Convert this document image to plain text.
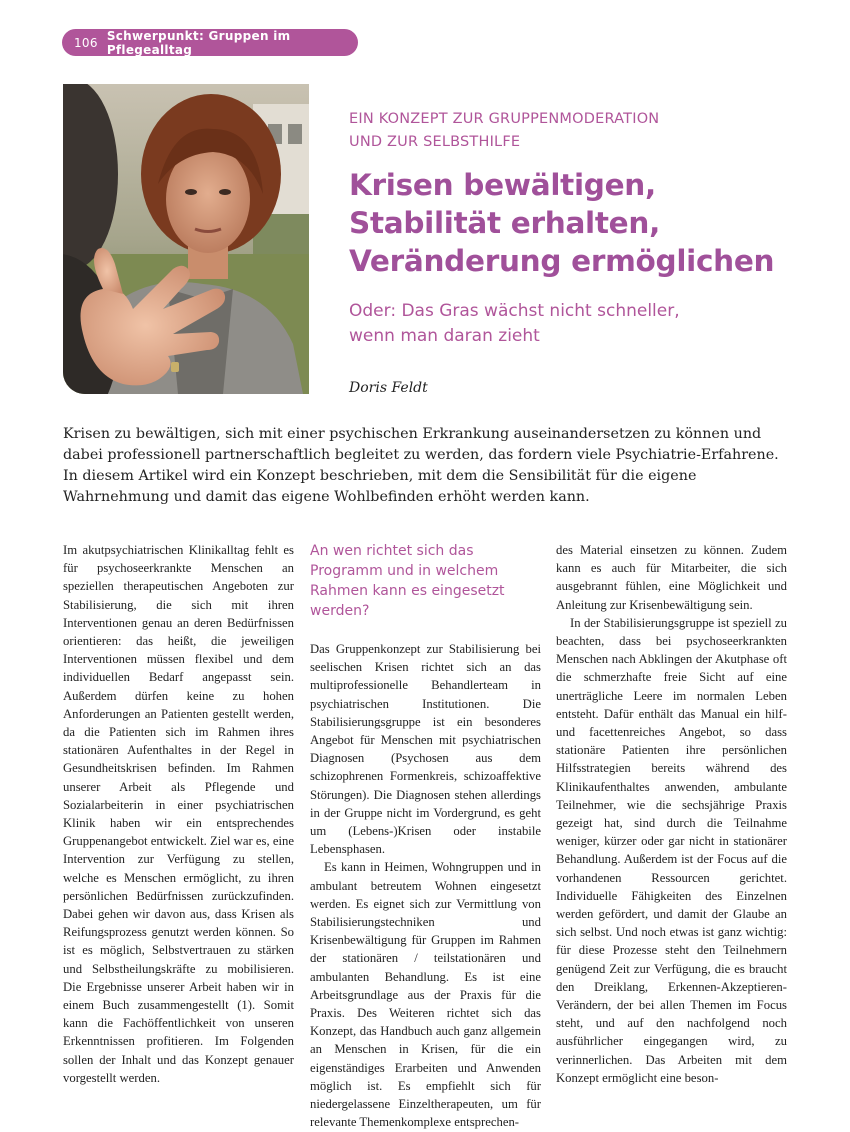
106 Schwerpunkt: Gruppen im Pflegealltag
EIN KONZEPT ZUR GRUPPENMODERATION
UND ZUR SELBSTHILFE
Krisen bewältigen,
Stabilität erhalten,
Veränderung ermöglichen
Oder: Das Gras wächst nicht schneller,
wenn man daran zieht
Doris Feldt
Krisen zu bewältigen, sich mit einer psychischen Erkrankung auseinandersetzen zu können und dabei professionell partnerschaftlich begleitet zu werden, das fordern viele Psychiatrie-Erfahrene. In diesem Artikel wird ein Konzept beschrieben, mit dem die Sensibilität für die eigene Wahrnehmung und damit das eigene Wohlbefinden erhöht werden kann.

Im akutpsychiatrischen Klinikalltag fehlt es für psychoseerkrankte Menschen an speziellen therapeutischen Angeboten zur Stabilisierung, die sich mit ihren Interventionen genau an deren Bedürfnissen orientieren: das heißt, die jeweiligen Interventionen müssen flexibel und dem individuellen Bedarf angepasst sein. Außerdem dürfen keine zu hohen Anforderungen an Patienten gestellt werden, da die Patienten sich im Rahmen ihres stationären Aufenthaltes in der Regel in Gesundheitskrisen befinden. Im Rahmen unserer Arbeit als Pflegende und Sozialarbeiterin in einer psychiatrischen Klinik haben wir ein entsprechendes Gruppenangebot entwickelt. Ziel war es, eine Intervention zur Verfügung zu stellen, welche es Menschen ermöglicht, zu ihren persönlichen Bedürfnissen zurückzufinden. Dabei gehen wir davon aus, dass Krisen als Reifungsprozess genutzt werden können. So ist es möglich, Selbstvertrauen zu stärken und Selbstheilungskräfte zu mobilisieren. Die Ergebnisse unserer Arbeit haben wir in einem Buch zusammengestellt (1). Somit kann die Fachöffentlichkeit von unseren Erkenntnissen profitieren. Im Folgenden sollen der Inhalt und das Konzept genauer vorgestellt werden.

An wen richtet sich das Programm und in welchem Rahmen kann es eingesetzt werden?

Das Gruppenkonzept zur Stabilisierung bei seelischen Krisen richtet sich an das multiprofessionelle Behandlerteam in psychiatrischen Institutionen. Die Stabilisierungsgruppe ist ein besonderes Angebot für Menschen mit psychiatrischen Diagnosen (Psychosen aus dem schizophrenen Formenkreis, schizoaffektive Störungen). Die Diagnosen stehen allerdings in der Gruppe nicht im Vordergrund, es geht um (Lebens-)Krisen oder instabile Lebensphasen.

Es kann in Heimen, Wohngruppen und in ambulant betreutem Wohnen eingesetzt werden. Es eignet sich zur Vermittlung von Stabilisierungstechniken und Krisenbewältigung für Gruppen im Rahmen der stationären / teilstationären und ambulanten Behandlung. Es ist eine Arbeitsgrundlage aus der Praxis für die Praxis. Des Weiteren richtet sich das Konzept, das Handbuch auch ganz allgemein an Menschen in Krisen, für die ein eigenständiges Erarbeiten und Anwenden möglich ist. Es empfiehlt sich für niedergelassene Einzeltherapeuten, um für relevante Themenkomplexe entsprechen-

des Material einsetzen zu können. Zudem kann es auch für Mitarbeiter, die sich ausgebrannt fühlen, eine Möglichkeit und Anleitung zur Krisenbewältigung sein.

In der Stabilisierungsgruppe ist speziell zu beachten, dass bei psychoseerkrankten Menschen nach Abklingen der Akutphase oft die schmerzhafte freie Sicht auf eine unerträgliche Leere im normalen Leben entsteht. Dafür enthält das Manual ein hilf- und facettenreiches Angebot, so dass stationäre Patienten ihre persönlichen Hilfsstrategien bereits während des Klinikaufenthaltes anwenden, ambulante Teilnehmer, wie die sechsjährige Praxis gezeigt hat, sind durch die Teilnahme weniger, kürzer oder gar nicht in stationärer Behandlung. Außerdem ist der Focus auf die vorhandenen Ressourcen gerichtet. Individuelle Fähigkeiten des Einzelnen werden gefördert, und damit der Glaube an sich selbst. Und noch etwas ist ganz wichtig: für diese Prozesse steht den Teilnehmern genügend Zeit zur Verfügung, die es braucht den Dreiklang, Erkennen-Akzeptieren-Verändern, der bei allen Themen im Focus steht, und auf den nachfolgend noch ausführlicher eingegangen wird, zu verinnerlichen. Das Arbeiten mit dem Konzept ermöglicht eine beson-
